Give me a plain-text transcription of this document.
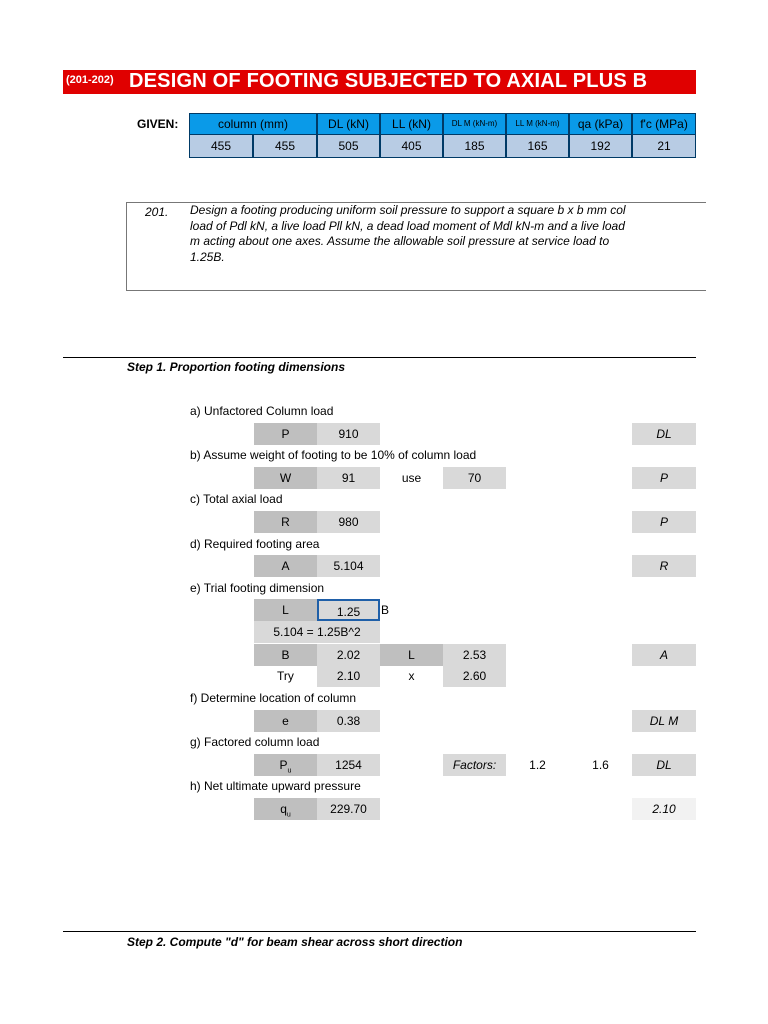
(201-202) DESIGN OF FOOTING SUBJECTED TO AXIAL PLUS B
GIVEN:	column (mm)	DL (kN)	LL (kN)	DL M (kN-m)	LL M (kN-m)	qa (kPa)	f'c (MPa)
455	455	505	405	185	165	192	21
201. Design a footing producing uniform soil pressure to support a square b x b mm col
load of Pdl kN, a live load Pll kN, a dead load moment of Mdl kN-m and a live load
m acting about one axes. Assume the allowable soil pressure at service load to
1.25B.
Step 1. Proportion footing dimensions
a) Unfactored Column load
P	910	DL
b) Assume weight of footing to be 10% of column load
W	91	use	70	P
c) Total axial load
R	980	P
d) Required footing area
A	5.104	R
e) Trial footing dimension
L	1.25	B
5.104 = 1.25B^2
B	2.02	L	2.53	A
Try	2.10	x	2.60
f) Determine location of column
e	0.38	DL M
g) Factored column load
$P_u$	1254	Factors:	1.2	1.6	DL
h) Net ultimate upward pressure
$q_u$	229.70	2.10
Step 2. Compute "d" for beam shear across short direction
